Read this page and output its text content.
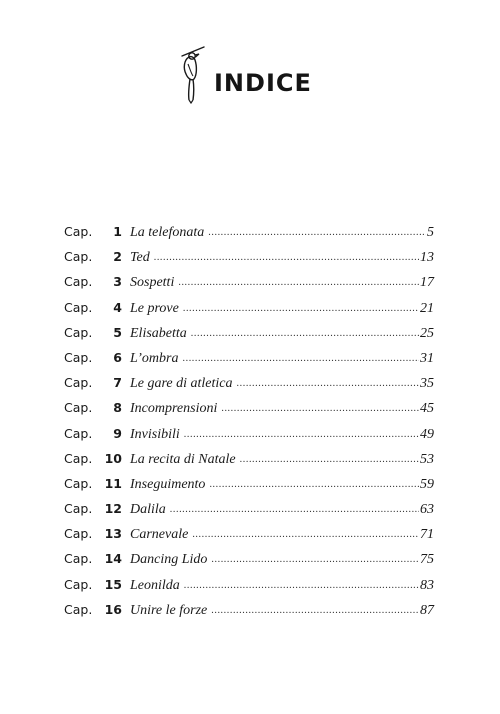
INDICE
Cap.	1 La telefonata .....	5
Cap.	2 Ted .....	13
Cap.	3 Sospetti .....	17
Cap.	4 Le prove .....	21
Cap.	5 Elisabetta .....	25
Cap.	6 L’ombra .....	31
Cap.	7 Le gare di atletica .....	35
Cap.	8 Incomprensioni .....	45
Cap.	9 Invisibili .....	49
Cap. 10 La recita di Natale .....	53
Cap. 11 Inseguimento .....	59
Cap. 12 Dalila .....	63
Cap. 13 Carnevale .....	71
Cap. 14 Dancing Lido .....	75
Cap. 15 Leonilda .....	83
Cap. 16 Unire le forze .....	87
